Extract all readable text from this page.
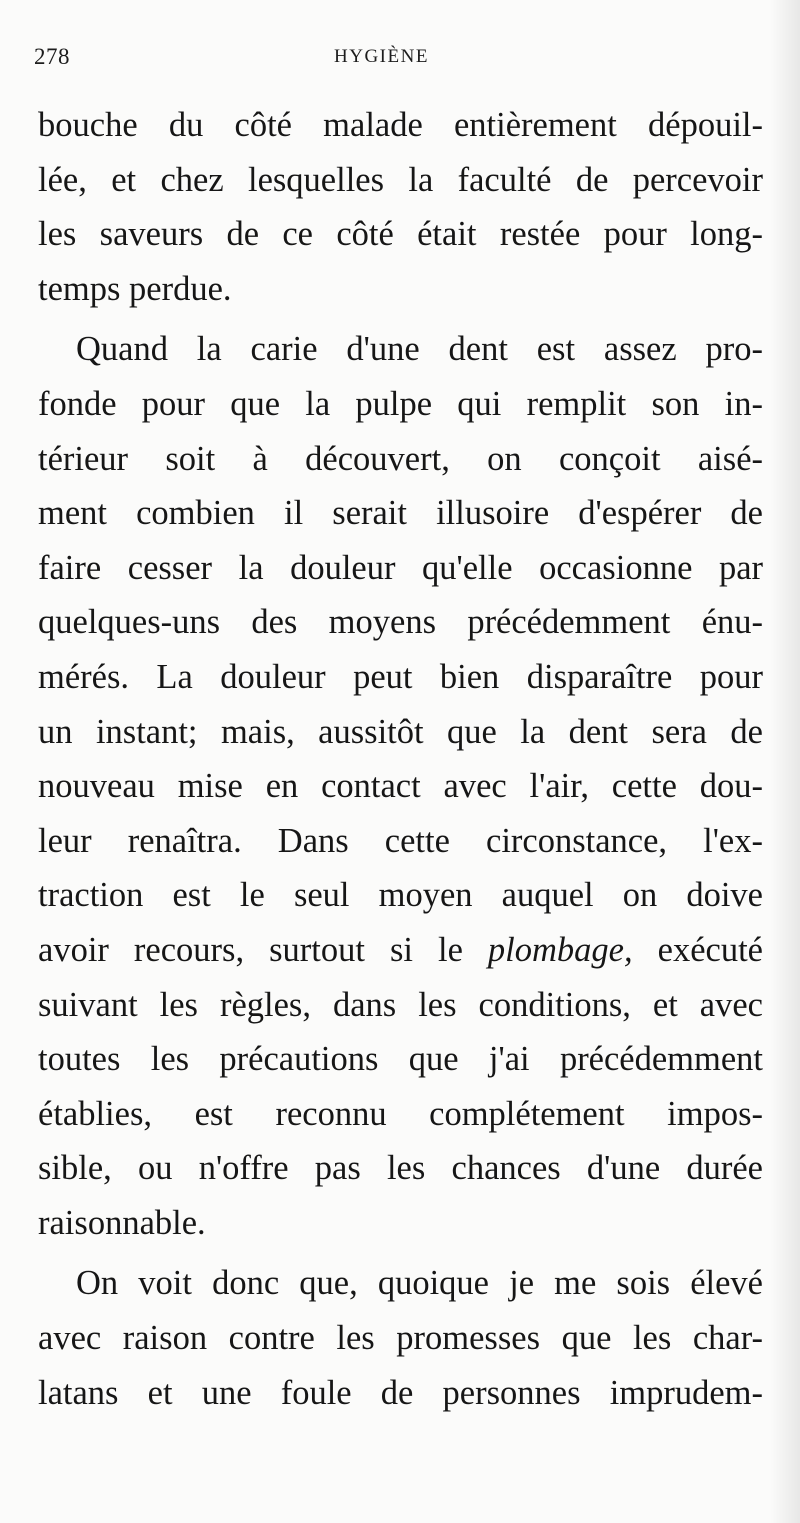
278	HYGIÈNE
bouche du côté malade entièrement dépouil-
lée, et chez lesquelles la faculté de percevoir
les saveurs de ce côté était restée pour long-
temps perdue.
Quand la carie d'une dent est assez pro-
fonde pour que la pulpe qui remplit son in-
térieur soit à découvert, on conçoit aisé-
ment combien il serait illusoire d'espérer de
faire cesser la douleur qu'elle occasionne par
quelques-uns des moyens précédemment énu-
mérés. La douleur peut bien disparaître pour
un instant; mais, aussitôt que la dent sera de
nouveau mise en contact avec l'air, cette dou-
leur renaîtra. Dans cette circonstance, l'ex-
traction est le seul moyen auquel on doive
avoir recours, surtout si le plombage, exécuté
suivant les règles, dans les conditions, et avec
toutes les précautions que j'ai précédemment
établies, est reconnu complétement impos-
sible, ou n'offre pas les chances d'une durée
raisonnable.
On voit donc que, quoique je me sois élevé
avec raison contre les promesses que les char-
latans et une foule de personnes imprudem-
